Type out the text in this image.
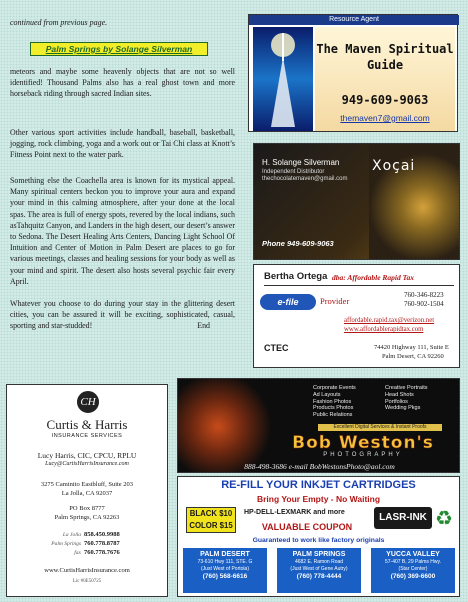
continued from previous page.
Palm Springs by Solange Silverman

meteors and maybe some heavenly objects that are not so well identified! Thousand Palms also has a real ghost town and more horseback riding through sacred Indian sites.

Other various sport activities include handball, baseball, basketball, jogging, rock climbing, yoga and a work out or Tai Chi class at Knott’s Fitness Point next to the water park.

Something else the Coachella area is known for its mystical appeal. Many spiritual centers beckon you to improve your aura and expand your mind in this calming atmosphere, after your done at the local spas. The area is full of energy spots, revered by the local indians, such asTahquitz Canyon, and Landers in the high desert, our desert’s answer to Sedona. The Desert Healing Arts Centers, Dancing Light School Of Intuition and Center of Motion in Palm Desert are places to go for various meetings, classes and healing sessions for your body as well as your mind and spirit. The desert also hosts several psychic fair every April.

Whatever you choose to do during your stay in the glittering desert cities, you can be assured it will be exciting, sophisticated, casual, sporting and star-studded!	End
Resource Agent
The Maven Spiritual Guide
949-609-9063
themaven7@gmail.com
H. Solange Silverman
Independent Distributor
thechocolatemaven@gmail.com
Xoçai
Phone 949-609-9063
Bertha Ortega dba: Affordable Rapid Tax
e-file	Provider
760-346-8223
760-902-1504
affordable.rapid.tax@verizon.net
www.affordablerapidtax.com
CTEC	74420 Highway 111, Suite E
Palm Desert, CA 92260
CH
Curtis & Harris
INSURANCE SERVICES
Lucy Harris, CIC, CPCU, RPLU
Lucy@CurtisHarrisInsurance.com
3275 Caminito Eastbluff, Suite 203
La Jolla, CA 92037
PO Box 8777
Palm Springs, CA 92263
La Jolla 858.450.9988
Palm Springs 760.778.8787
fax 760.778.7676
www.CurtisHarrisInsurance.com
Lic #0E50725
Corporate Events
Ad Layouts
Fashion Photos
Products Photos
Public Relations
Creative Portraits
Head Shots
Portfolios
Wedding Pkgs
Excellent Digital Services & Instant Proofs
Bob Weston's
PHOTOGRAPHY
888-498-3686 e-mail BobWestonsPhoto@aol.com
RE-FILL YOUR INKJET CARTRIDGES
Bring Your Empty - No Waiting
BLACK $10 COLOR $15
HP-DELL-LEXMARK and more
VALUABLE COUPON
LASR-INK ♻
Guaranteed to work like factory originals
PALM DESERT
73-610 Hwy 111, STE. G
(Just West of Portola)
(760) 568-6616
PALM SPRINGS
4682 E. Ramon Road
(Just West of Gene Autry)
(760) 778-4444
YUCCA VALLEY
57-407 B, 29 Palms Hwy.
(Star Center)
(760) 369-6600
